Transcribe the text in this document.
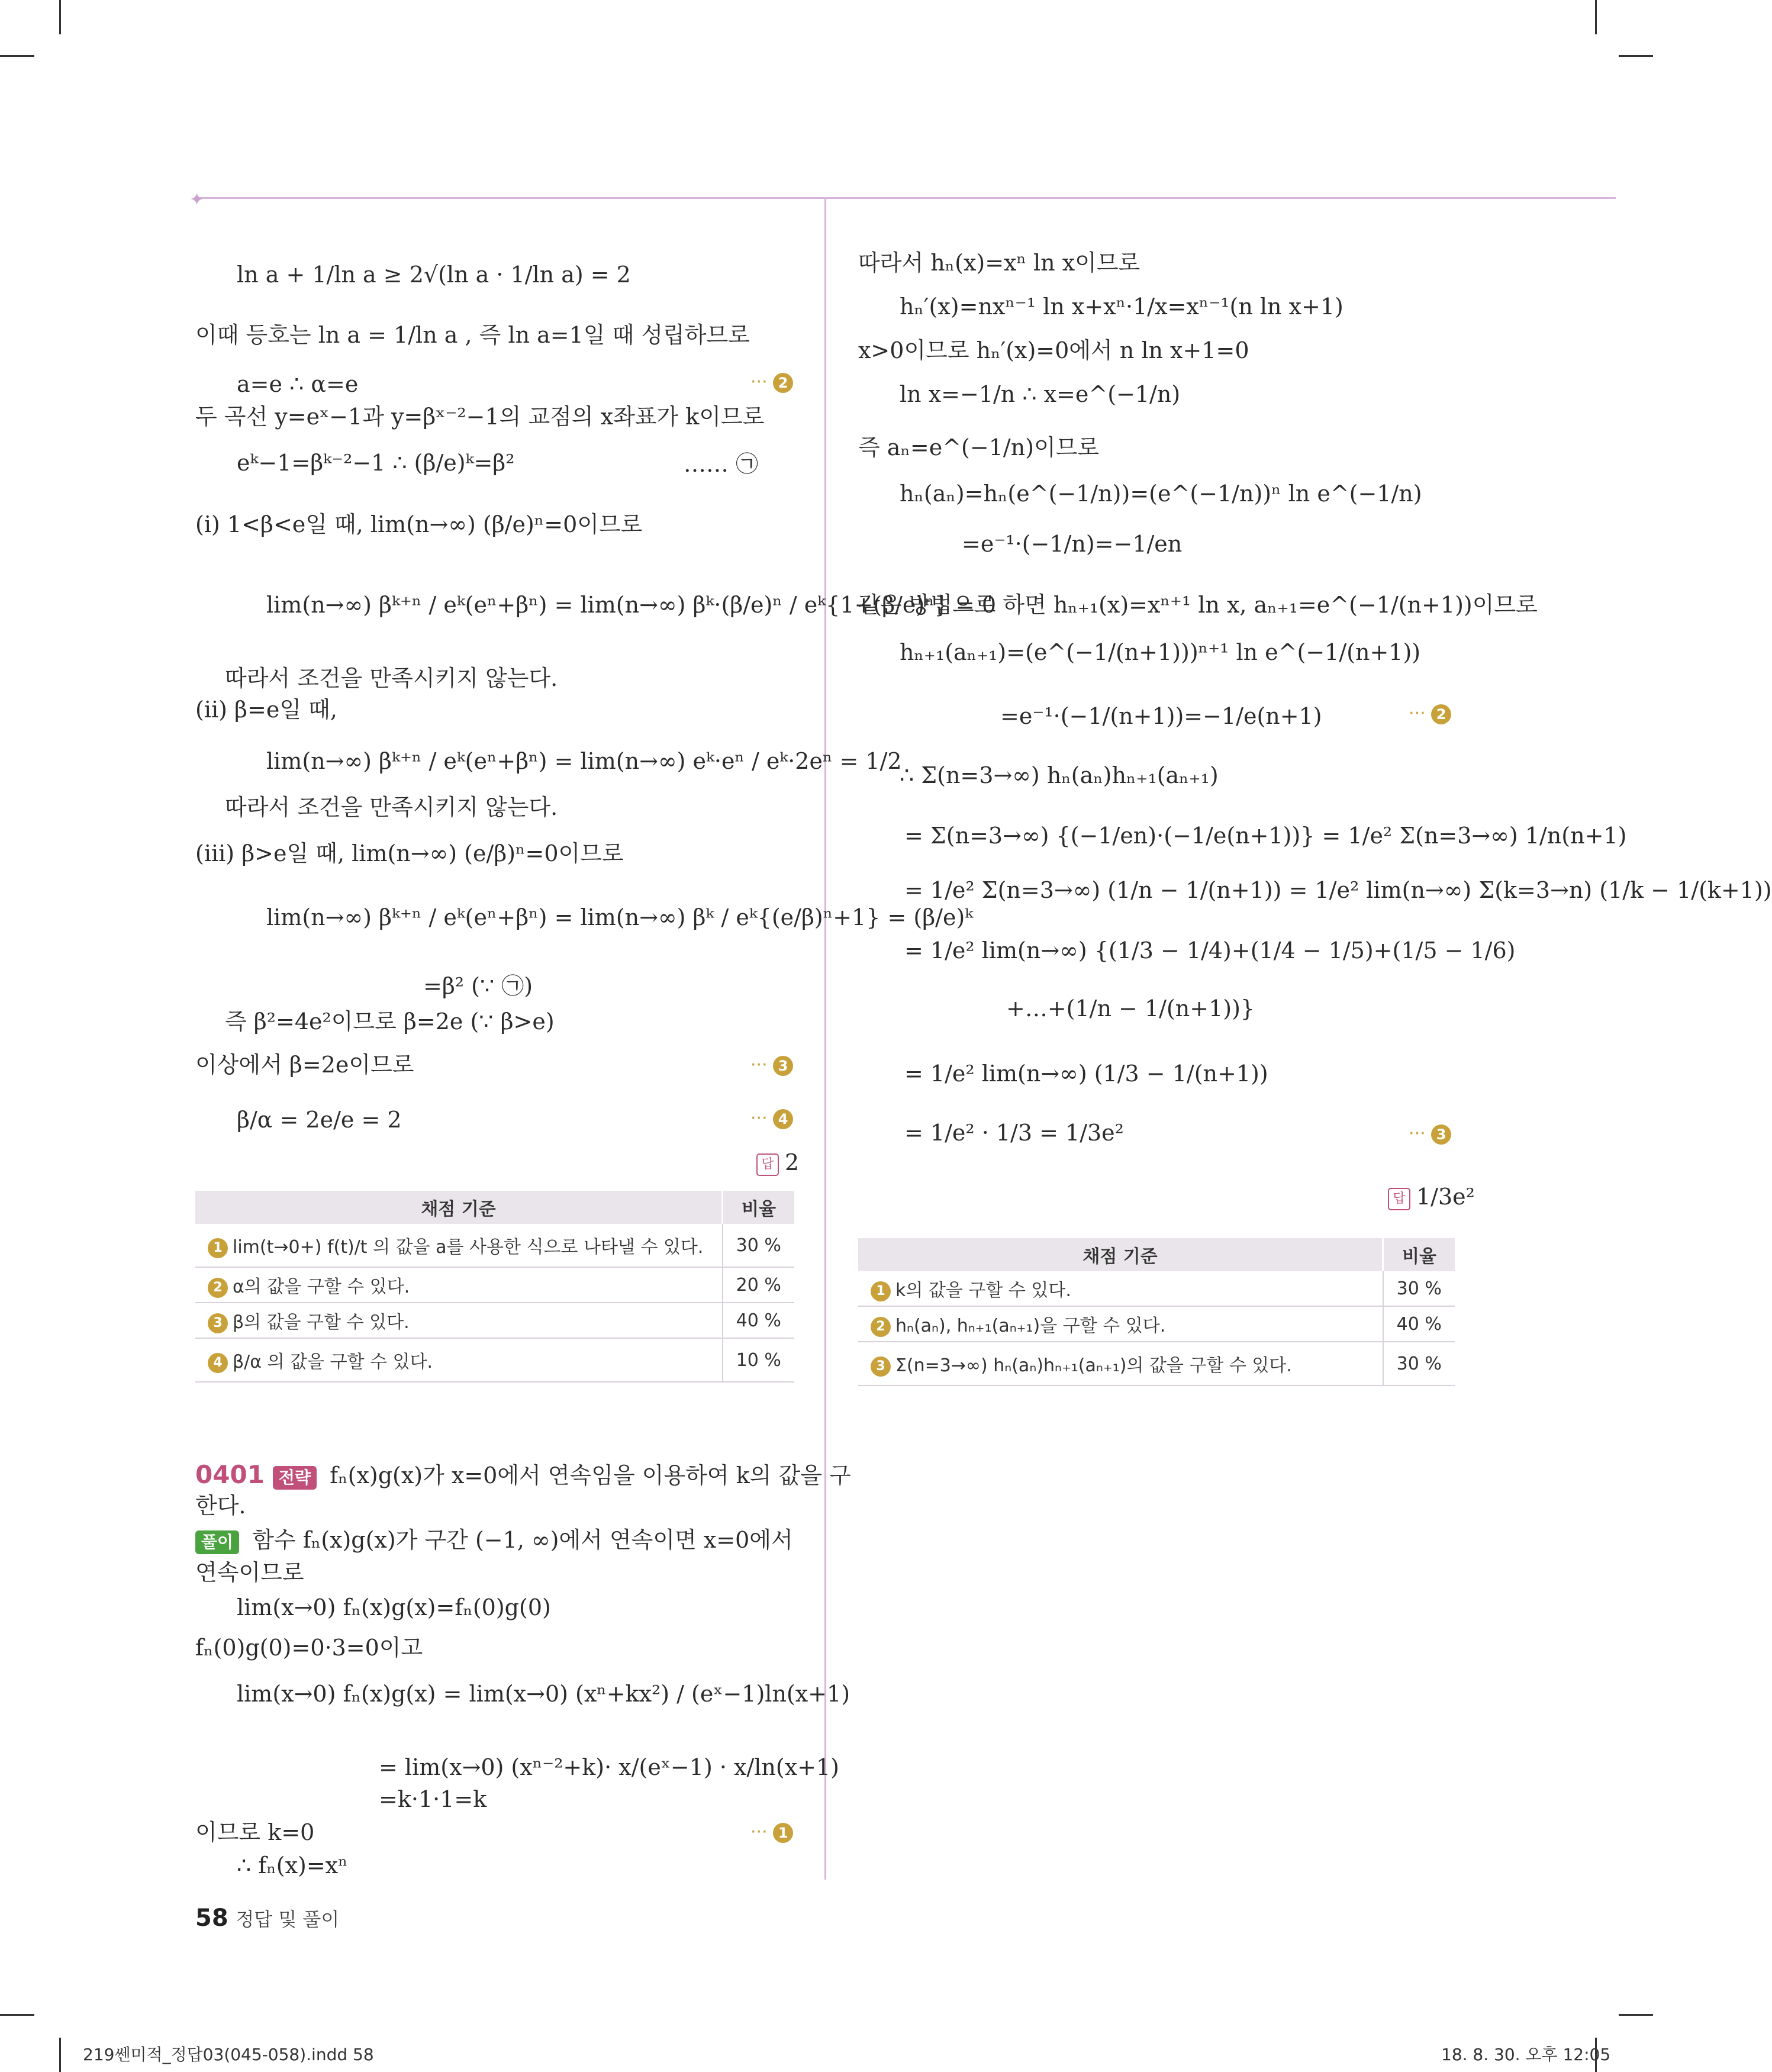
✦
ln a + 1/ln a ≥ 2√(ln a · 1/ln a) = 2
이때 등호는 ln a = 1/ln a , 즉 ln a=1일 때 성립하므로
a=e ∴ α=e
두 곡선 y=eˣ−1과 y=βˣ⁻²−1의 교점의 x좌표가 k이므로
eᵏ−1=βᵏ⁻²−1 ∴ (β/e)ᵏ=β²	…… ㉠
(ⅰ) 1<β<e일 때, lim(n→∞) (β/e)ⁿ=0이므로
lim(n→∞) βᵏ⁺ⁿ / eᵏ(eⁿ+βⁿ) = lim(n→∞) βᵏ·(β/e)ⁿ / eᵏ{1+(β/e)ⁿ} = 0
따라서 조건을 만족시키지 않는다.
(ⅱ) β=e일 때,
lim(n→∞) βᵏ⁺ⁿ / eᵏ(eⁿ+βⁿ) = lim(n→∞) eᵏ·eⁿ / eᵏ·2eⁿ = 1/2
따라서 조건을 만족시키지 않는다.
(ⅲ) β>e일 때, lim(n→∞) (e/β)ⁿ=0이므로
lim(n→∞) βᵏ⁺ⁿ / eᵏ(eⁿ+βⁿ) = lim(n→∞) βᵏ / eᵏ{(e/β)ⁿ+1} = (β/e)ᵏ
=β² (∵ ㉠)
즉 β²=4e²이므로 β=2e (∵ β>e)
이상에서 β=2e이므로
β/α = 2e/e = 2
··· 2
··· 3
··· 4
답 2
채점 기준	비율
1 lim(t→0+) f(t)/t 의 값을 a를 사용한 식으로 나타낼 수 있다.	30 %
2 α의 값을 구할 수 있다.	20 %
3 β의 값을 구할 수 있다.	40 %
4 β/α 의 값을 구할 수 있다.	10 %
0401 전략 fₙ(x)g(x)가 x=0에서 연속임을 이용하여 k의 값을 구
한다.
풀이 함수 fₙ(x)g(x)가 구간 (−1, ∞)에서 연속이면 x=0에서
연속이므로
lim(x→0) fₙ(x)g(x)=fₙ(0)g(0)
fₙ(0)g(0)=0·3=0이고
lim(x→0) fₙ(x)g(x) = lim(x→0) (xⁿ+kx²) / (eˣ−1)ln(x+1)
= lim(x→0) (xⁿ⁻²+k)· x/(eˣ−1) · x/ln(x+1)
=k·1·1=k
이므로 k=0
∴ fₙ(x)=xⁿ
··· 1
따라서 hₙ(x)=xⁿ ln x이므로
hₙ′(x)=nxⁿ⁻¹ ln x+xⁿ·1/x=xⁿ⁻¹(n ln x+1)
x>0이므로 hₙ′(x)=0에서 n ln x+1=0
ln x=−1/n ∴ x=e^(−1/n)
즉 aₙ=e^(−1/n)이므로
hₙ(aₙ)=hₙ(e^(−1/n))=(e^(−1/n))ⁿ ln e^(−1/n)
=e⁻¹·(−1/n)=−1/en
같은 방법으로 하면 hₙ₊₁(x)=xⁿ⁺¹ ln x, aₙ₊₁=e^(−1/(n+1))이므로
hₙ₊₁(aₙ₊₁)=(e^(−1/(n+1)))ⁿ⁺¹ ln e^(−1/(n+1))
=e⁻¹·(−1/(n+1))=−1/e(n+1)
∴ Σ(n=3→∞) hₙ(aₙ)hₙ₊₁(aₙ₊₁)
= Σ(n=3→∞) {(−1/en)·(−1/e(n+1))} = 1/e² Σ(n=3→∞) 1/n(n+1)
= 1/e² Σ(n=3→∞) (1/n − 1/(n+1)) = 1/e² lim(n→∞) Σ(k=3→n) (1/k − 1/(k+1))
= 1/e² lim(n→∞) {(1/3 − 1/4)+(1/4 − 1/5)+(1/5 − 1/6)
+…+(1/n − 1/(n+1))}
= 1/e² lim(n→∞) (1/3 − 1/(n+1))
= 1/e² · 1/3 = 1/3e²
··· 2
··· 3
답 1/3e²
채점 기준	비율
1 k의 값을 구할 수 있다.	30 %
2 hₙ(aₙ), hₙ₊₁(aₙ₊₁)을 구할 수 있다.	40 %
3 Σ(n=3→∞) hₙ(aₙ)hₙ₊₁(aₙ₊₁)의 값을 구할 수 있다.	30 %
58 정답 및 풀이
219쎈미적_정답03(045-058).indd 58	18. 8. 30. 오후 12:05
